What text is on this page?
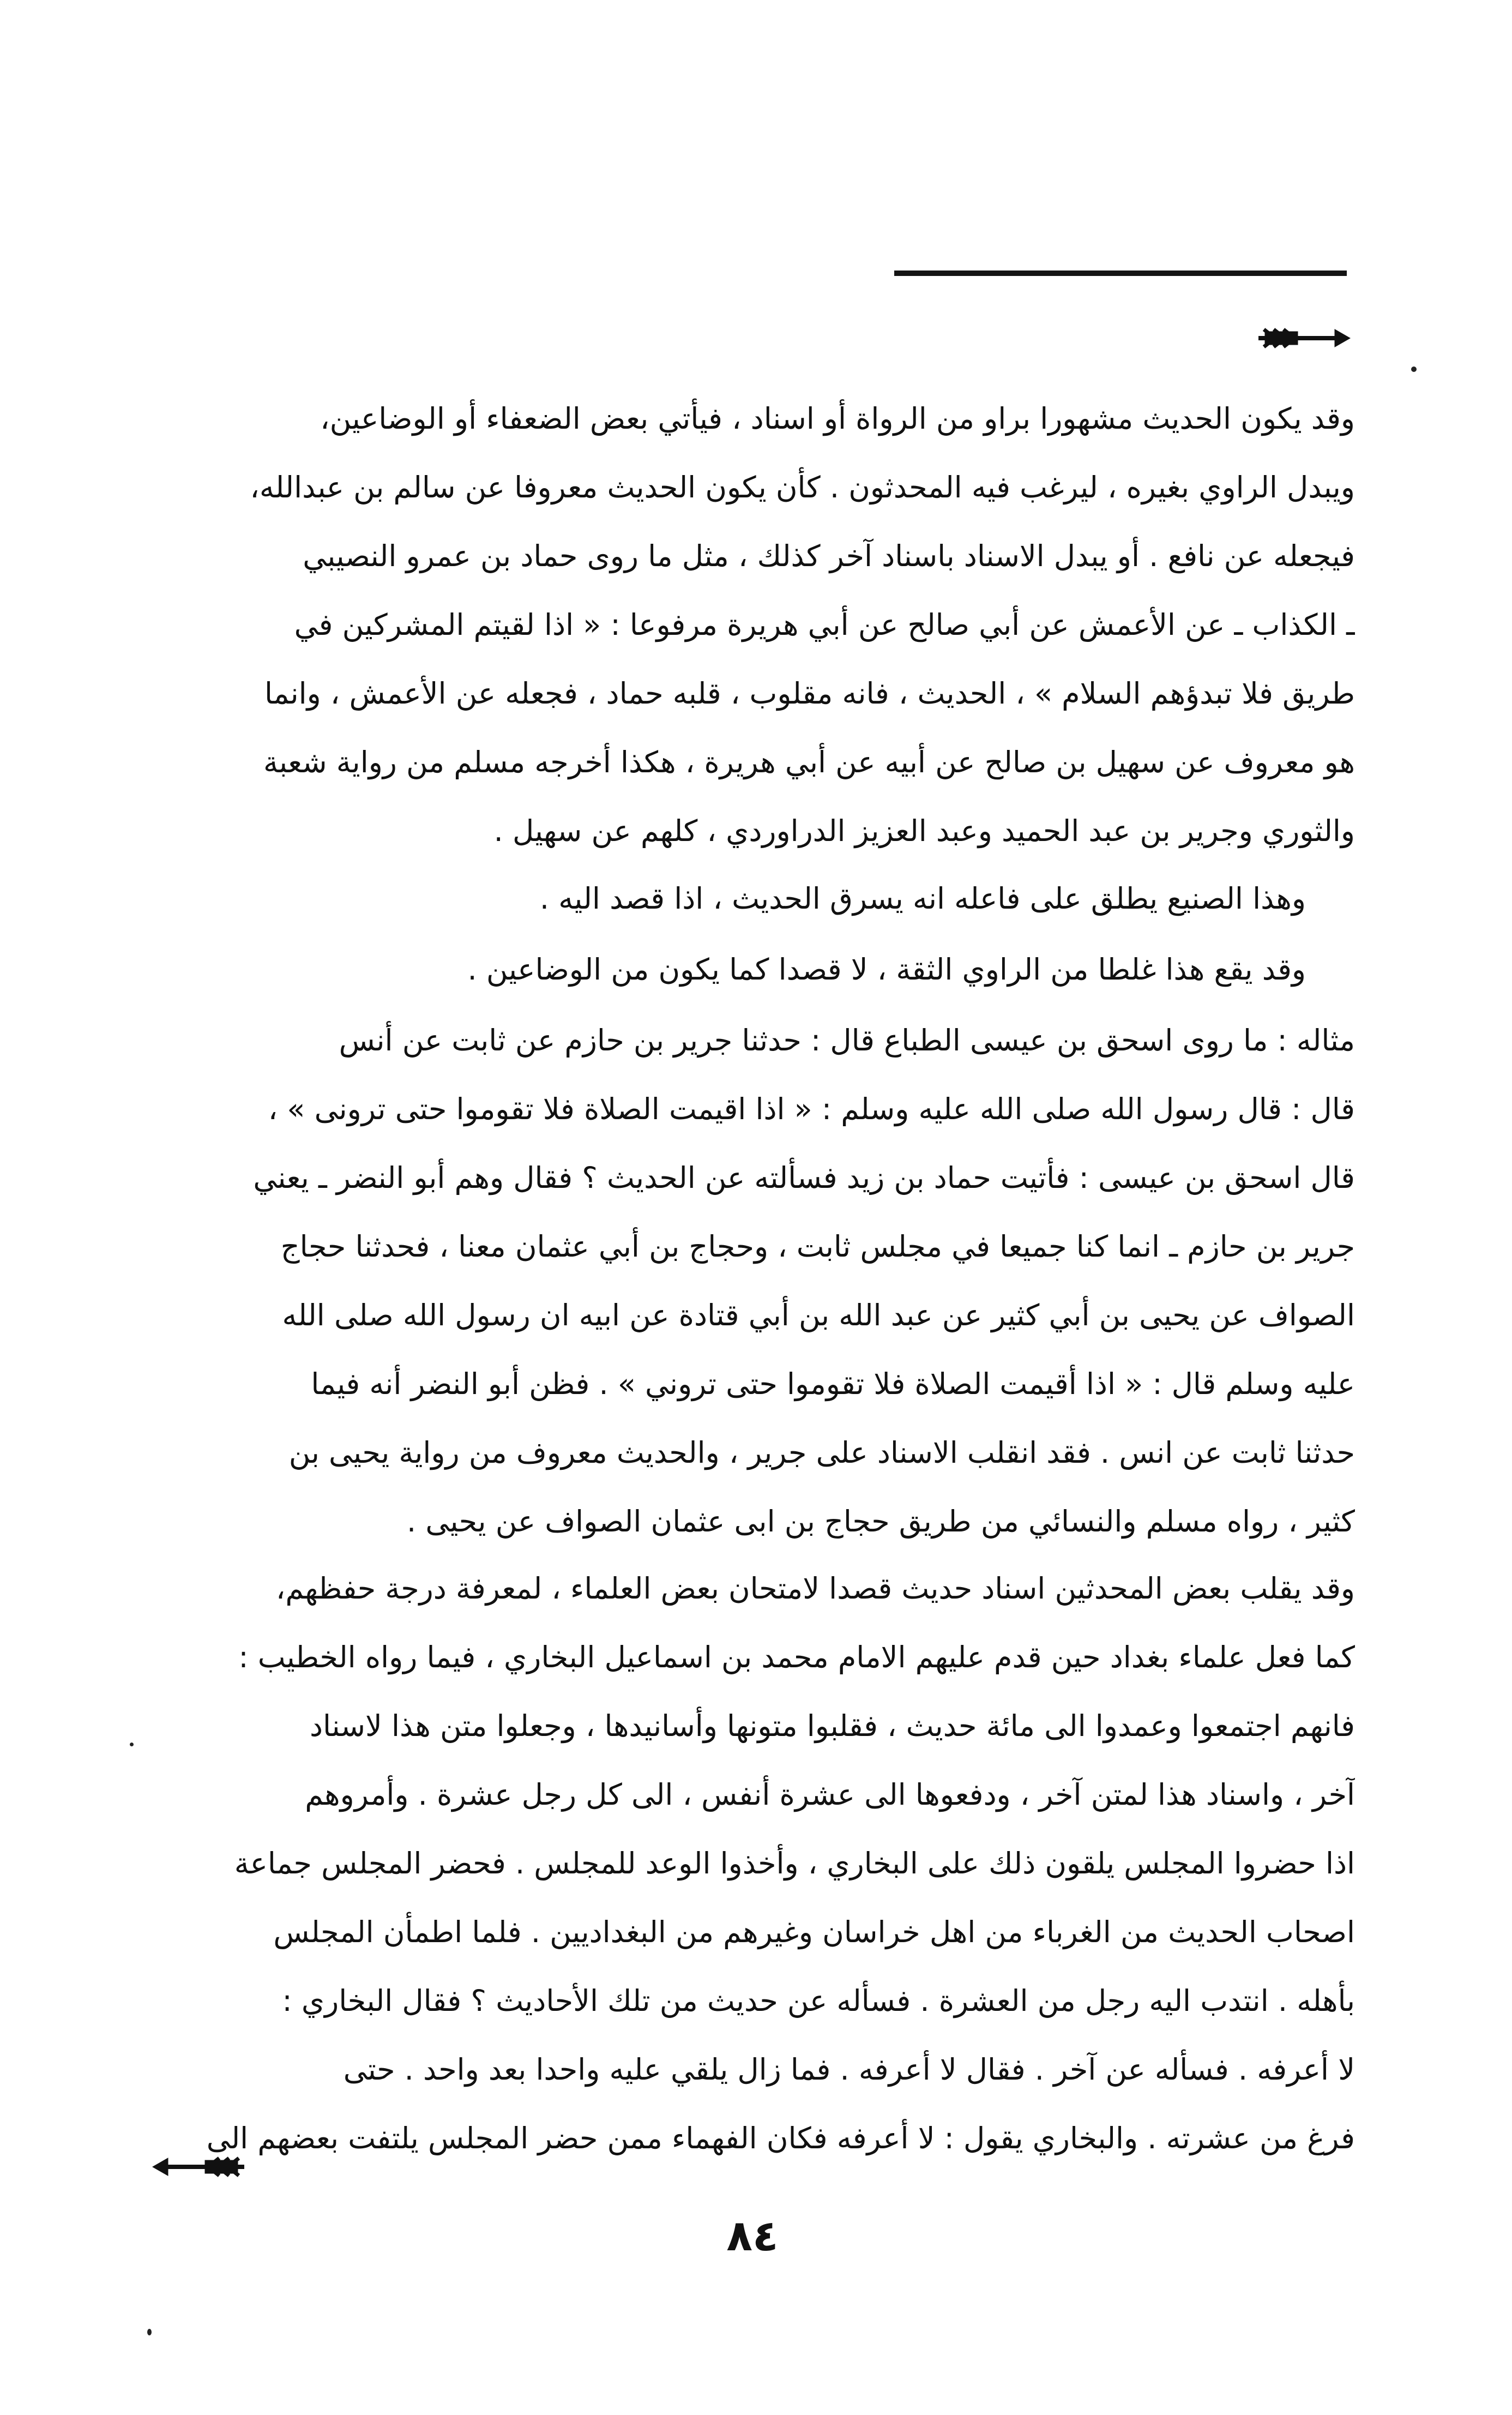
وقد يكون الحديث مشهورا براو من الرواة أو اسناد ، فيأتي بعض الضعفاء أو الوضاعين،
ويبدل الراوي بغيره ، ليرغب فيه المحدثون . كأن يكون الحديث معروفا عن سالم بن عبدالله،
فيجعله عن نافع . أو يبدل الاسناد باسناد آخر كذلك ، مثل ما روى حماد بن عمرو النصيبي
ـ الكذاب ـ عن الأعمش عن أبي صالح عن أبي هريرة مرفوعا : « اذا لقيتم المشركين في
طريق فلا تبدؤهم السلام » ، الحديث ، فانه مقلوب ، قلبه حماد ، فجعله عن الأعمش ، وانما
هو معروف عن سهيل بن صالح عن أبيه عن أبي هريرة ، هكذا أخرجه مسلم من رواية شعبة
والثوري وجرير بن عبد الحميد وعبد العزيز الدراوردي ، كلهم عن سهيل .
وهذا الصنيع يطلق على فاعله انه يسرق الحديث ، اذا قصد اليه .
وقد يقع هذا غلطا من الراوي الثقة ، لا قصدا كما يكون من الوضاعين .
مثاله : ما روى اسحق بن عيسى الطباع قال : حدثنا جرير بن حازم عن ثابت عن أنس
قال : قال رسول الله صلى الله عليه وسلم : « اذا اقيمت الصلاة فلا تقوموا حتى ترونى » ،
قال اسحق بن عيسى : فأتيت حماد بن زيد فسألته عن الحديث ؟ فقال وهم أبو النضر ـ يعني
جرير بن حازم ـ انما كنا جميعا في مجلس ثابت ، وحجاج بن أبي عثمان معنا ، فحدثنا حجاج
الصواف عن يحيى بن أبي كثير عن عبد الله بن أبي قتادة عن ابيه ان رسول الله صلى الله
عليه وسلم قال : « اذا أقيمت الصلاة فلا تقوموا حتى تروني » . فظن أبو النضر أنه فيما
حدثنا ثابت عن انس . فقد انقلب الاسناد على جرير ، والحديث معروف من رواية يحيى بن
كثير ، رواه مسلم والنسائي من طريق حجاج بن ابى عثمان الصواف عن يحيى .
وقد يقلب بعض المحدثين اسناد حديث قصدا لامتحان بعض العلماء ، لمعرفة درجة حفظهم،
كما فعل علماء بغداد حين قدم عليهم الامام محمد بن اسماعيل البخاري ، فيما رواه الخطيب :
فانهم اجتمعوا وعمدوا الى مائة حديث ، فقلبوا متونها وأسانيدها ، وجعلوا متن هذا لاسناد
آخر ، واسناد هذا لمتن آخر ، ودفعوها الى عشرة أنفس ، الى كل رجل عشرة . وأمروهم
اذا حضروا المجلس يلقون ذلك على البخاري ، وأخذوا الوعد للمجلس . فحضر المجلس جماعة
اصحاب الحديث من الغرباء من اهل خراسان وغيرهم من البغداديين . فلما اطمأن المجلس
بأهله . انتدب اليه رجل من العشرة . فسأله عن حديث من تلك الأحاديث ؟ فقال البخاري :
لا أعرفه . فسأله عن آخر . فقال لا أعرفه . فما زال يلقي عليه واحدا بعد واحد . حتى
فرغ من عشرته . والبخاري يقول : لا أعرفه فكان الفهماء ممن حضر المجلس يلتفت بعضهم الى
٨٤
